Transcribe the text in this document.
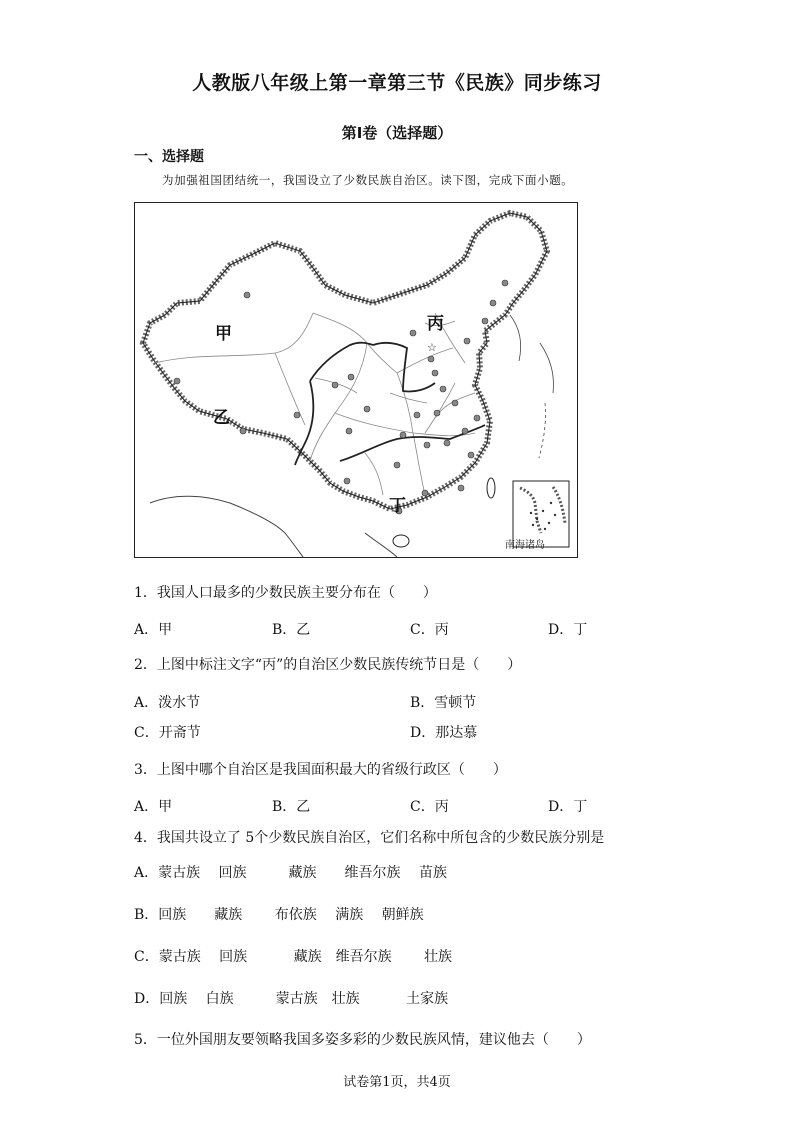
人教版八年级上第一章第三节《民族》同步练习
第I卷（选择题）
一、选择题
为加强祖国团结统一，我国设立了少数民族自治区。读下图，完成下面小题。
☆
甲
乙
丙
丁
南海诸岛
1．我国人口最多的少数民族主要分布在（　　）
A．甲	B．乙	C．丙	D．丁
2．上图中标注文字“丙”的自治区少数民族传统节日是（　　）
A．泼水节	B．雪顿节
C．开斋节	D．那达慕
3．上图中哪个自治区是我国面积最大的省级行政区（　　）
A．甲	B．乙	C．丙	D．丁
4．我国共设立了 5个少数民族自治区，它们名称中所包含的少数民族分别是
A．蒙古族　 回族　　　藏族　　维吾尔族　 苗族
B．回族　　藏族　　 布依族　 满族　 朝鲜族
C．蒙古族　 回族　　　 藏族　维吾尔族　　 壮族
D．回族　 白族　　　蒙古族　壮族　　　 土家族
5．一位外国朋友要领略我国多姿多彩的少数民族风情，建议他去（　　）
试卷第1页，共4页
